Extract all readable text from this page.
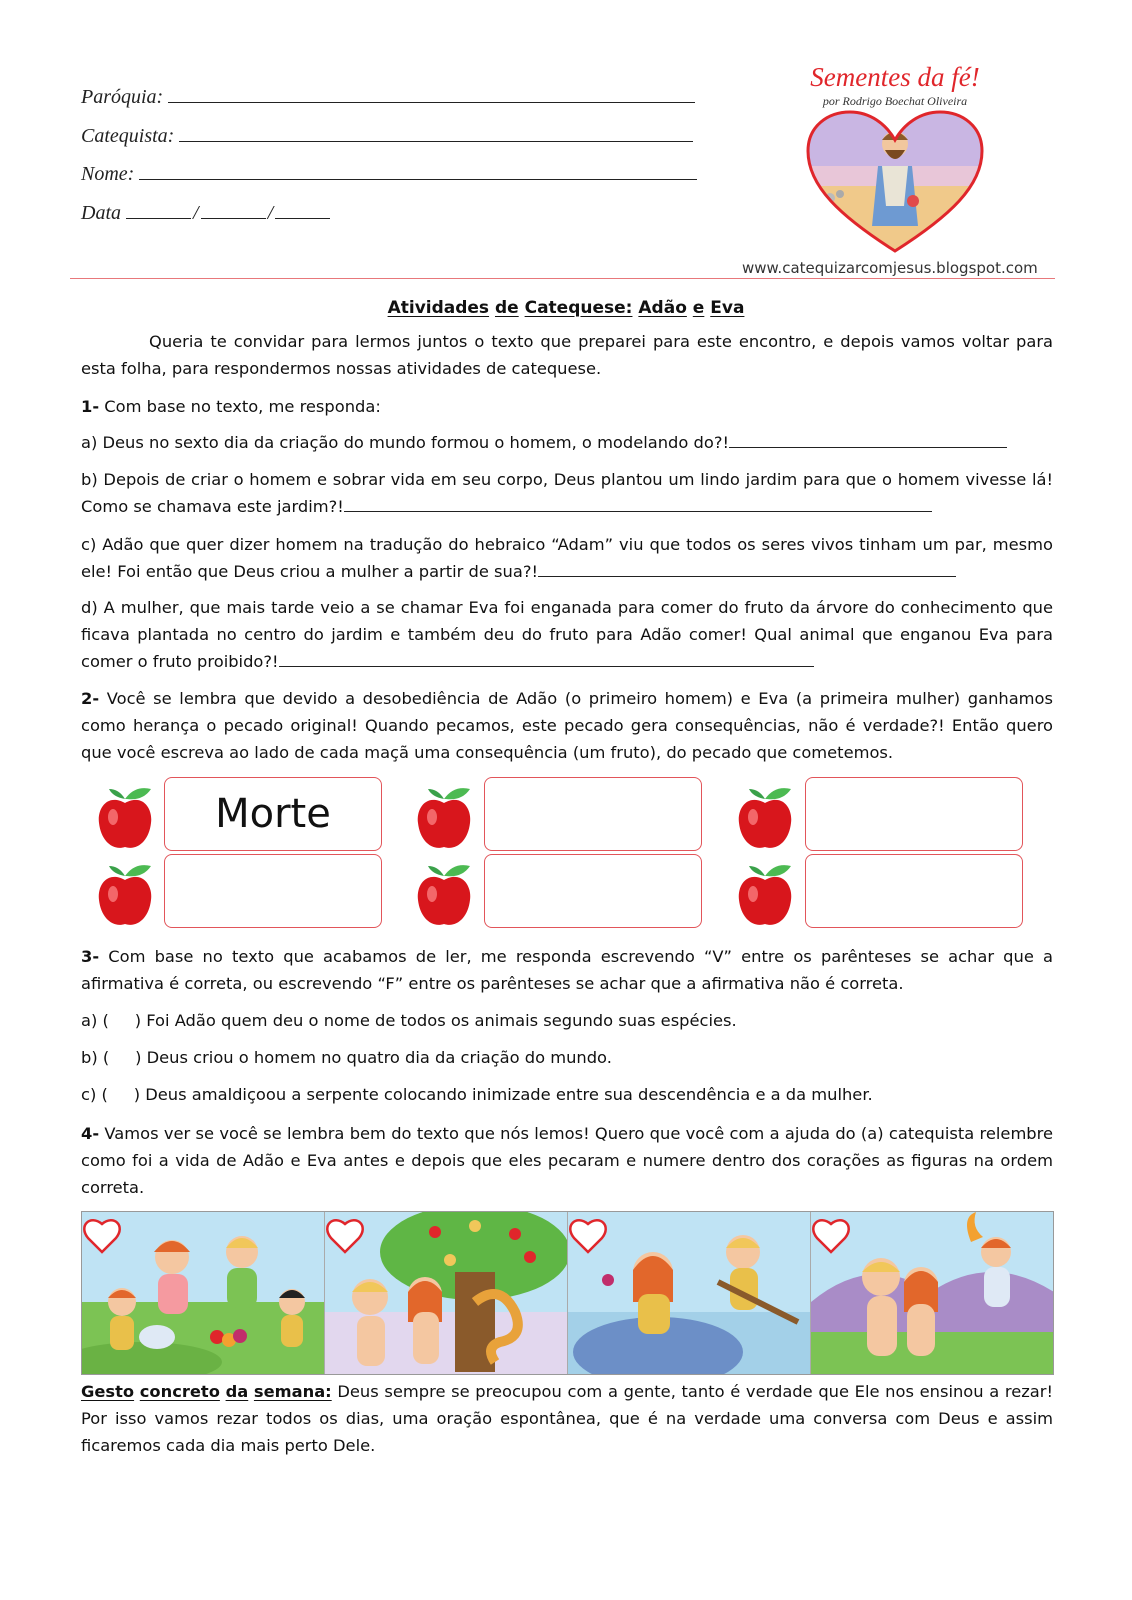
Paróquia:
Catequista:
Nome:
Data	/	/
Sementes da fé!
por Rodrigo Boechat Oliveira
www.catequizarcomjesus.blogspot.com
Atividades de Catequese: Adão e Eva
Queria te convidar para lermos juntos o texto que preparei para este encontro, e depois vamos voltar para esta folha, para respondermos nossas atividades de catequese.
1- Com base no texto, me responda:
a) Deus no sexto dia da criação do mundo formou o homem, o modelando do?!
b) Depois de criar o homem e sobrar vida em seu corpo, Deus plantou um lindo jardim para que o homem vivesse lá! Como se chamava este jardim?!
c) Adão que quer dizer homem na tradução do hebraico “Adam” viu que todos os seres vivos tinham um par, mesmo ele! Foi então que Deus criou a mulher a partir de sua?!
d) A mulher, que mais tarde veio a se chamar Eva foi enganada para comer do fruto da árvore do conhecimento que ficava plantada no centro do jardim e também deu do fruto para Adão comer! Qual animal que enganou Eva para comer o fruto proibido?!
2- Você se lembra que devido a desobediência de Adão (o primeiro homem) e Eva (a primeira mulher) ganhamos como herança o pecado original! Quando pecamos, este pecado gera consequências, não é verdade?! Então quero que você escreva ao lado de cada maçã uma consequência (um fruto), do pecado que cometemos.
Morte
3- Com base no texto que acabamos de ler, me responda escrevendo “V” entre os parênteses se achar que a afirmativa é correta, ou escrevendo “F” entre os parênteses se achar que a afirmativa não é correta.
a) (     ) Foi Adão quem deu o nome de todos os animais segundo suas espécies.
b) (     ) Deus criou o homem no quatro dia da criação do mundo.
c) (     ) Deus amaldiçoou a serpente colocando inimizade entre sua descendência e a da mulher.
4- Vamos ver se você se lembra bem do texto que nós lemos! Quero que você com a ajuda do (a) catequista relembre como foi a vida de Adão e Eva antes e depois que eles pecaram e numere dentro dos corações as figuras na ordem correta.
Gesto concreto da semana: Deus sempre se preocupou com a gente, tanto é verdade que Ele nos ensinou a rezar! Por isso vamos rezar todos os dias, uma oração espontânea, que é na verdade uma conversa com Deus e assim ficaremos cada dia mais perto Dele.
